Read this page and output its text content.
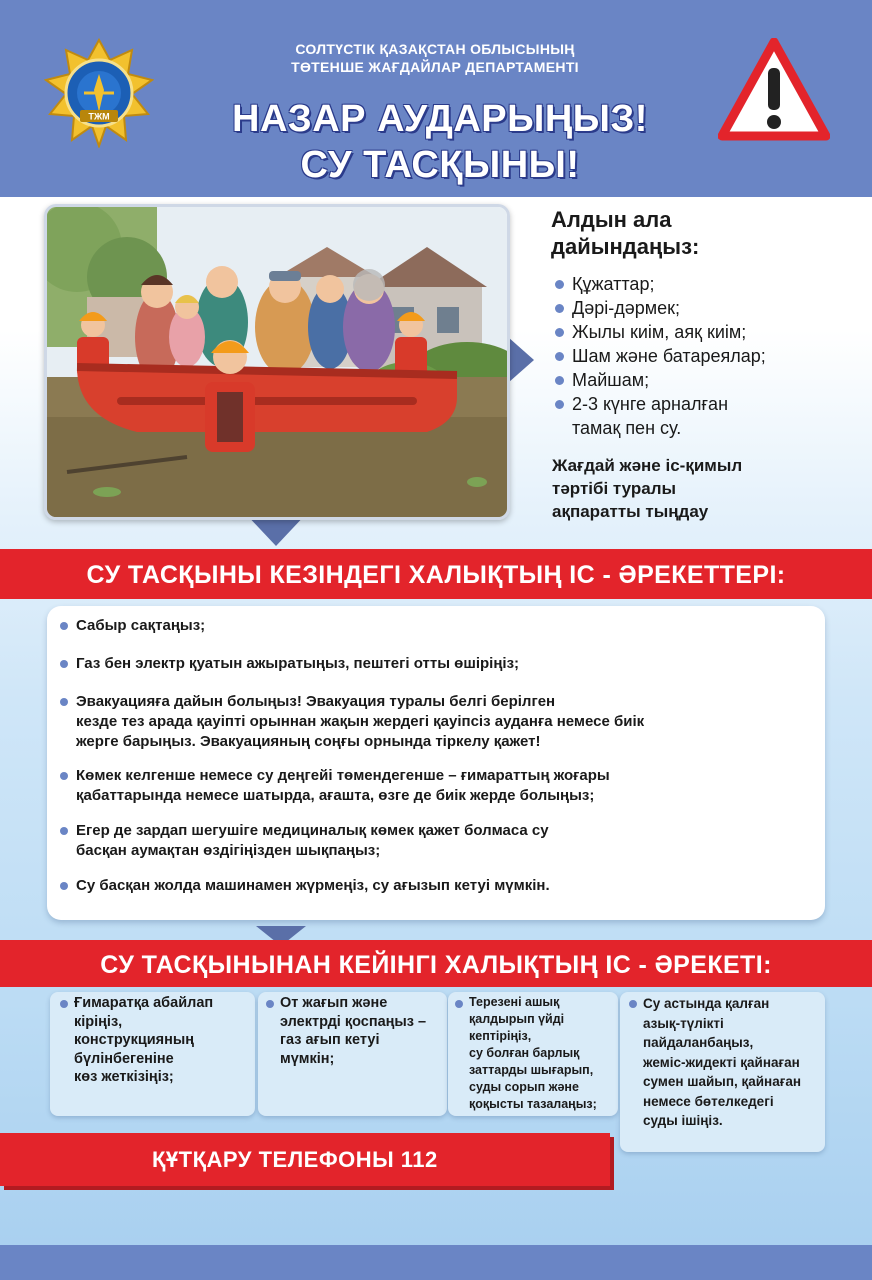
ТЖМ
СОЛТҮСТІК ҚАЗАҚСТАН ОБЛЫСЫНЫҢ
ТӨТЕНШЕ ЖАҒДАЙЛАР ДЕПАРТАМЕНТІ
НАЗАР АУДАРЫҢЫЗ!
СУ ТАСҚЫНЫ!
Алдын ала
дайындаңыз:
Құжаттар;
Дәрі-дәрмек;
Жылы киім, аяқ киім;
Шам және батареялар;
Майшам;
2-3 күнге арналған
тамақ пен су.
Жағдай және іс-қимыл
тәртібі туралы
ақпаратты тыңдау
СУ ТАСҚЫНЫ КЕЗІНДЕГІ ХАЛЫҚТЫҢ ІС - ӘРЕКЕТТЕРІ:
Сабыр сақтаңыз;
Газ бен электр қуатын ажыратыңыз, пештегі отты өшіріңіз;
Эвакуацияға дайын болыңыз! Эвакуация туралы белгі берілген
кезде тез арада қауіпті орыннан жақын жердегі қауіпсіз ауданға немесе биік
жерге барыңыз. Эвакуацияның соңғы орнында тіркелу қажет!
Көмек келгенше немесе су деңгейі төмендегенше – ғимараттың жоғары
қабаттарында немесе шатырда, ағашта, өзге де биік жерде болыңыз;
Егер де зардап шегушіге медициналық көмек қажет болмаса су
басқан аумақтан өздігіңізден шықпаңыз;
Су басқан жолда машинамен жүрмеңіз, су ағызып кетуі мүмкін.
СУ ТАСҚЫНЫНАН КЕЙІНГІ ХАЛЫҚТЫҢ ІС - ӘРЕКЕТІ:
Ғимаратқа абайлап
кіріңіз,
конструкцияның
бүлінбегеніне
көз жеткізіңіз;
От жағып және
электрді қоспаңыз –
газ ағып кетуі
мүмкін;
Терезені ашық
қалдырып үйді
кептіріңіз,
су болған барлық
заттарды шығарып,
суды сорып және
қоқысты тазалаңыз;
Су астында қалған
азық-түлікті
пайдаланбаңыз,
жеміс-жидекті қайнаған
сумен шайып, қайнаған
немесе бөтелкедегі
суды ішіңіз.
ҚҰТҚАРУ ТЕЛЕФОНЫ 112
